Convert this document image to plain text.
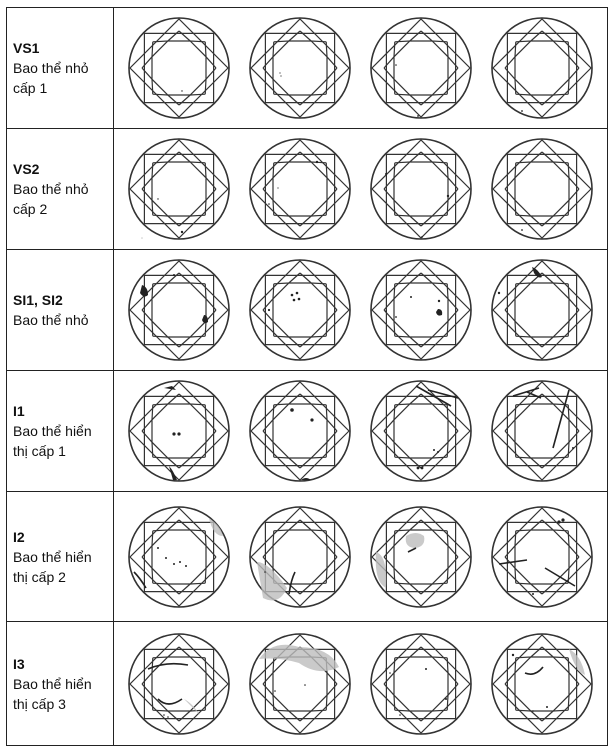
VS1
Bao thể nhỏ cấp 1

VS2
Bao thể nhỏ cấp 2

SI1, SI2
Bao thể nhỏ

I1
Bao thể hiển thị cấp 1

I2
Bao thể hiển thị cấp 2

I3
Bao thể hiển thị cấp 3
